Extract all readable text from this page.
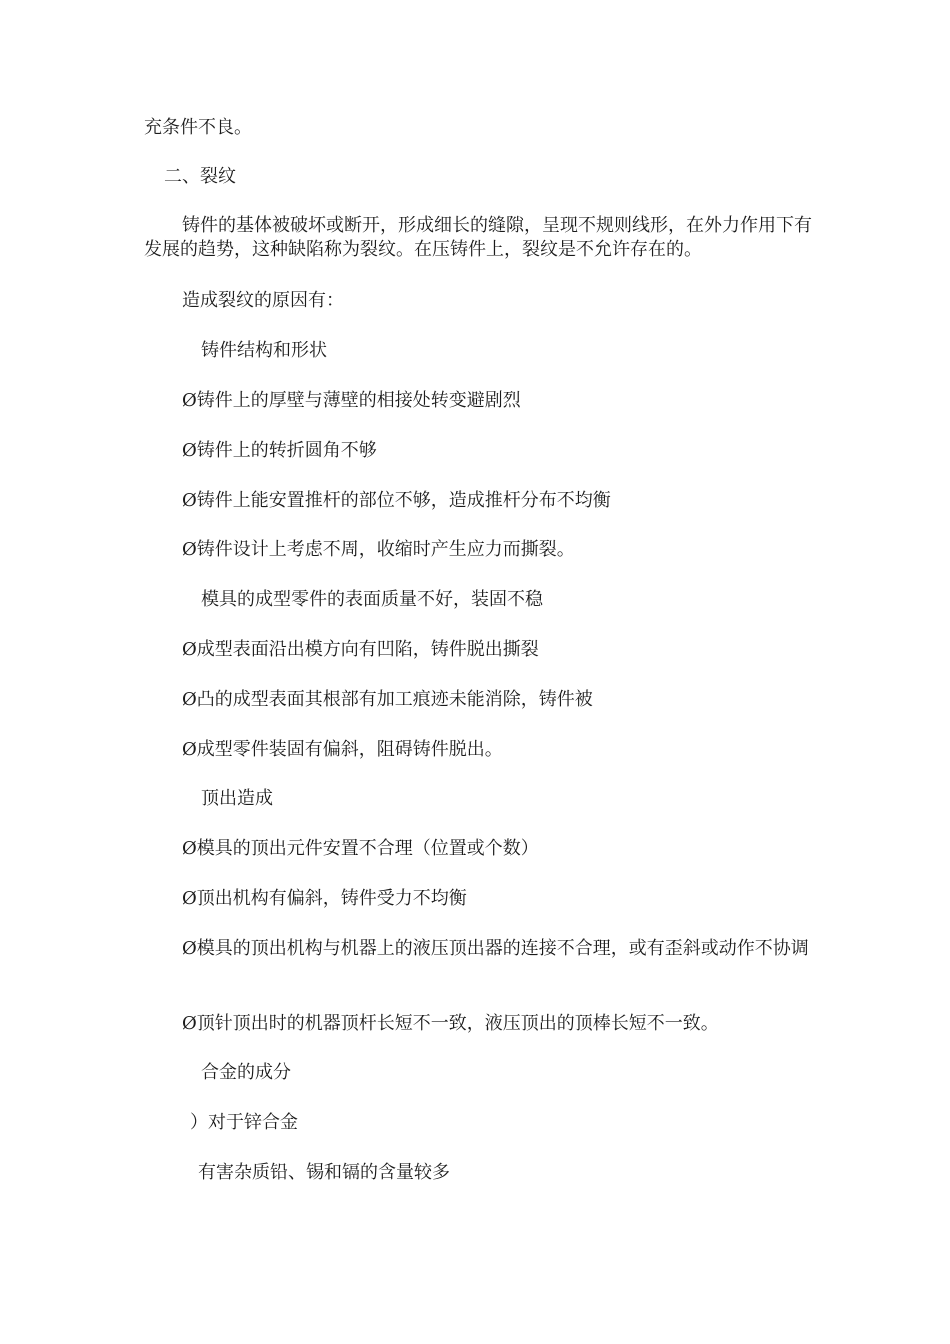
充条件不良。
二、裂纹
铸件的基体被破坏或断开，形成细长的缝隙，呈现不规则线形，在外力作用下有发展的趋势，这种缺陷称为裂纹。在压铸件上，裂纹是不允许存在的。
造成裂纹的原因有：
铸件结构和形状
Ø铸件上的厚壁与薄壁的相接处转变避剧烈
Ø铸件上的转折圆角不够
Ø铸件上能安置推杆的部位不够，造成推杆分布不均衡
Ø铸件设计上考虑不周，收缩时产生应力而撕裂。
模具的成型零件的表面质量不好，装固不稳
Ø成型表面沿出模方向有凹陷，铸件脱出撕裂
Ø凸的成型表面其根部有加工痕迹未能消除，铸件被
Ø成型零件装固有偏斜，阻碍铸件脱出。
顶出造成
Ø模具的顶出元件安置不合理（位置或个数）
Ø顶出机构有偏斜，铸件受力不均衡
Ø模具的顶出机构与机器上的液压顶出器的连接不合理，或有歪斜或动作不协调
Ø顶针顶出时的机器顶杆长短不一致，液压顶出的顶棒长短不一致。
合金的成分
）对于锌合金
有害杂质铅、锡和镉的含量较多
